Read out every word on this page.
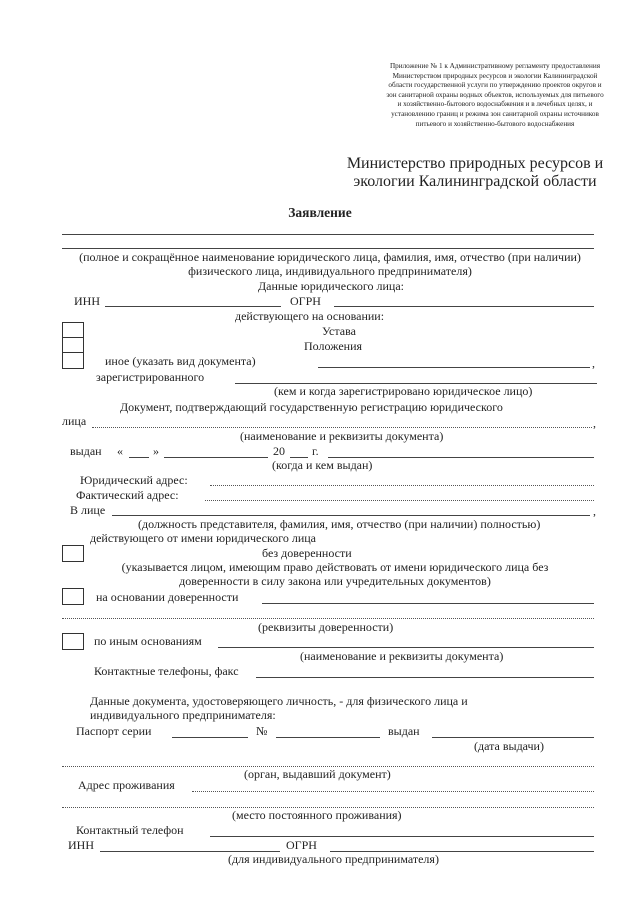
Приложение № 1 к Административному регламенту предоставления Министерством природных ресурсов и экологии Калининградской области государственной услуги по утверждению проектов округов и зон санитарной охраны водных объектов, используемых для питьевого и хозяйственно-бытового водоснабжения и в лечебных целях, и установлению границ и режима зон санитарной охраны источников питьевого и хозяйственно-бытового водоснабжения
Министерство природных ресурсов и экологии Калининградской области
Заявление
(полное и сокращённое наименование юридического лица, фамилия, имя, отчество (при наличии) физического лица, индивидуального предпринимателя)
Данные юридического лица:
ИНН	ОГРН
действующего на основании:
Устава
Положения
иное (указать вид документа)	,
зарегистрированного
(кем и когда зарегистрировано юридическое лицо)
Документ, подтверждающий государственную регистрацию юридического
лица	,
(наименование и реквизиты документа)
выдан «	»	20 г.
(когда и кем выдан)
Юридический адрес:
Фактический адрес:
В лице	,
(должность представителя, фамилия, имя, отчество (при наличии) полностью)
действующего от имени юридического лица
без доверенности
(указывается лицом, имеющим право действовать от имени юридического лица без доверенности в силу закона или учредительных документов)
на основании доверенности
(реквизиты доверенности)
по иным основаниям
(наименование и реквизиты документа)
Контактные телефоны, факс
Данные документа, удостоверяющего личность, - для физического лица и индивидуального предпринимателя:
Паспорт серии	№	выдан
(дата выдачи)
(орган, выдавший документ)
Адрес проживания
(место постоянного проживания)
Контактный телефон
ИНН	ОГРН
(для индивидуального предпринимателя)
